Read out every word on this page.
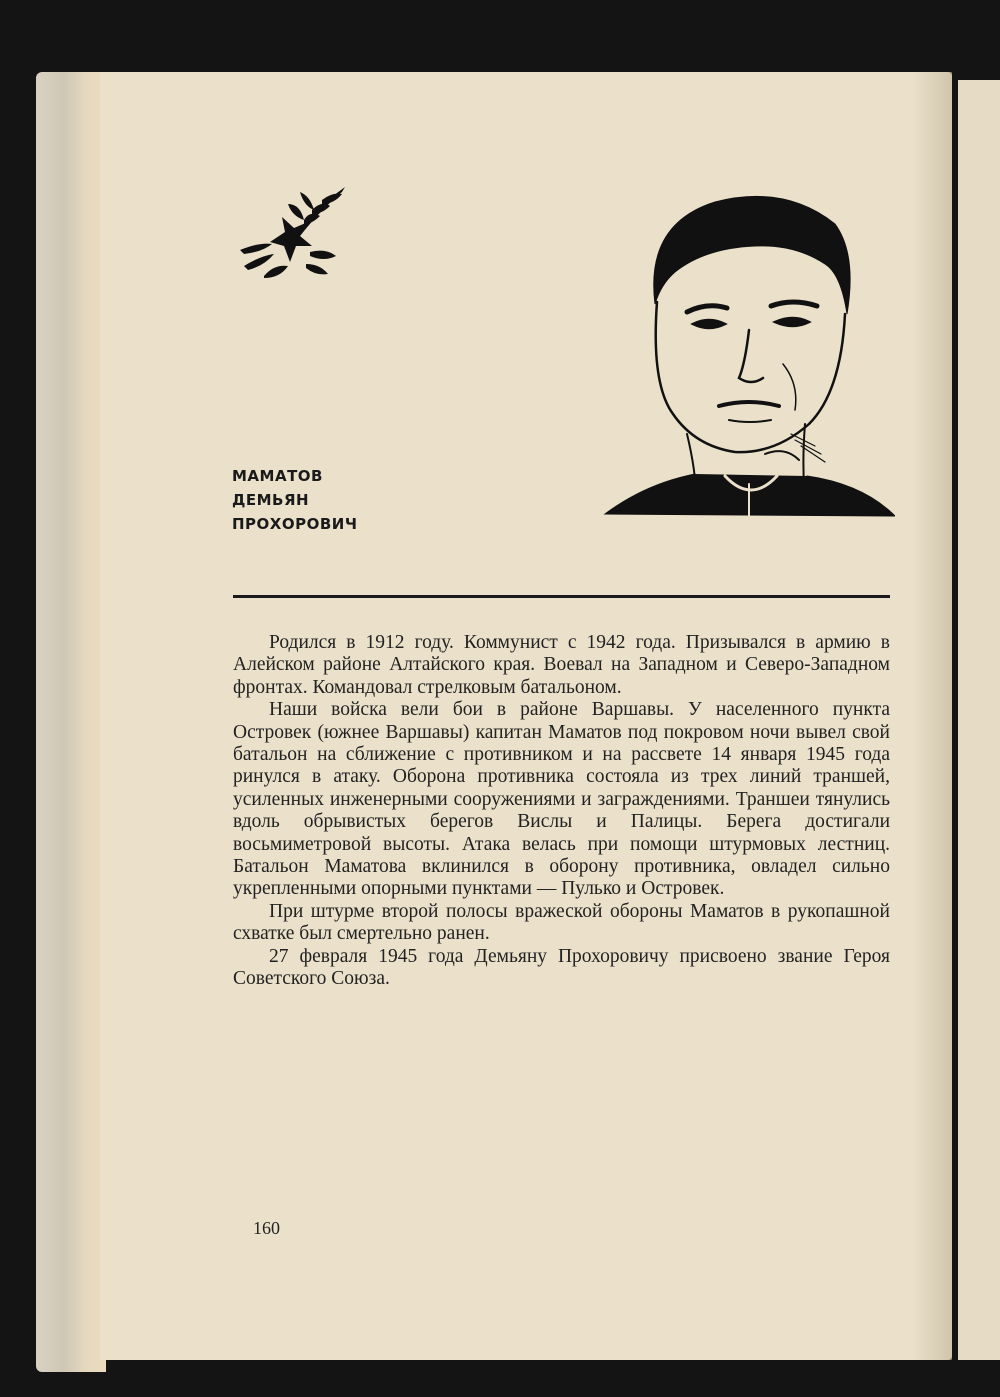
МАМАТОВ
ДЕМЬЯН
ПРОХОРОВИЧ

Родился в 1912 году. Коммунист с 1942 года. Призывался в армию в Алейском районе Алтайского края. Воевал на Западном и Северо-Западном фронтах. Командовал стрелковым батальоном.

Наши войска вели бои в районе Варшавы. У населенного пункта Островек (южнее Варшавы) капитан Маматов под покровом ночи вывел свой батальон на сближение с противником и на рассвете 14 января 1945 года ринулся в атаку. Оборона противника состояла из трех линий траншей, усиленных инженерными сооружениями и заграждениями. Траншеи тянулись вдоль обрывистых берегов Вислы и Палицы. Берега достигали восьмиметровой высоты. Атака велась при помощи штурмовых лестниц. Батальон Маматова вклинился в оборону противника, овладел сильно укрепленными опорными пунктами — Пулько и Островек.

При штурме второй полосы вражеской обороны Маматов в рукопашной схватке был смертельно ранен.

27 февраля 1945 года Демьяну Прохоровичу присвоено звание Героя Советского Союза.

160
